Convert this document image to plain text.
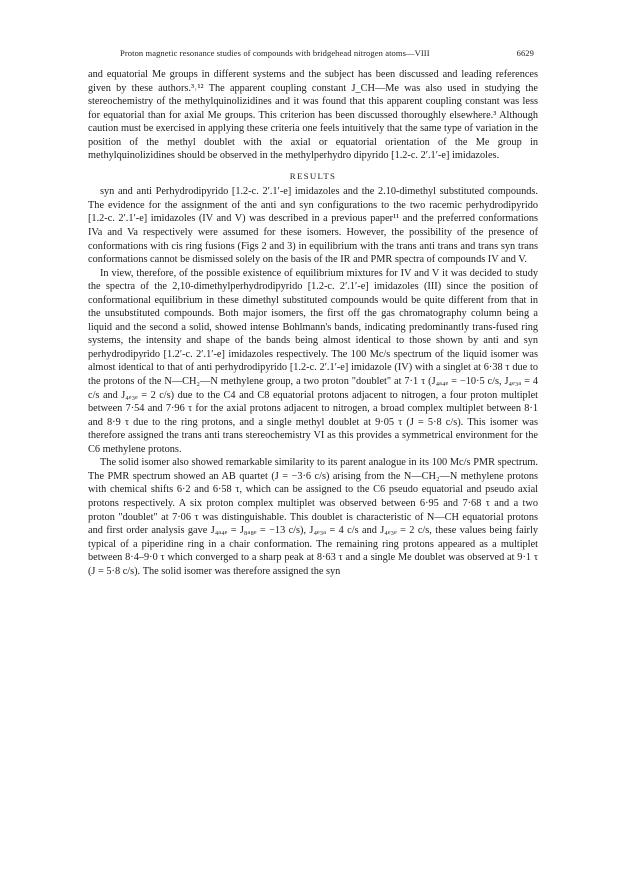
Proton magnetic resonance studies of compounds with bridgehead nitrogen atoms—VIII	6629

and equatorial Me groups in different systems and the subject has been discussed and leading references given by these authors.³˒¹² The apparent coupling constant J_CH—Me was also used in studying the stereochemistry of the methylquinolizidines and it was found that this apparent coupling constant was less for equatorial than for axial Me groups. This criterion has been discussed thoroughly elsewhere.³ Although caution must be exercised in applying these criteria one feels intuitively that the same type of variation in the position of the methyl doublet with the axial or equatorial orientation of the Me group in methylquinolizidines should be observed in the methylperhydro dipyrido [1.2-c. 2′.1′-e] imidazoles.

RESULTS

syn and anti Perhydrodipyrido [1.2-c. 2′.1′-e] imidazoles and the 2.10-dimethyl substituted compounds. The evidence for the assignment of the anti and syn configurations to the two racemic perhydrodipyrido [1.2-c. 2′.1′-e] imidazoles (IV and V) was described in a previous paper¹¹ and the preferred conformations IVa and Va respectively were assumed for these isomers. However, the possibility of the presence of conformations with cis ring fusions (Figs 2 and 3) in equilibrium with the trans anti trans and trans syn trans conformations cannot be dismissed solely on the basis of the IR and PMR spectra of compounds IV and V.

In view, therefore, of the possible existence of equilibrium mixtures for IV and V it was decided to study the spectra of the 2,10-dimethylperhydrodipyrido [1.2-c. 2′.1′-e] imidazoles (III) since the position of conformational equilibrium in these dimethyl substituted compounds would be quite different from that in the unsubstituted compounds. Both major isomers, the first off the gas chromatography column being a liquid and the second a solid, showed intense Bohlmann's bands, indicating predominantly trans-fused ring systems, the intensity and shape of the bands being almost identical to those shown by anti and syn perhydrodipyrido [1.2′-c. 2′.1′-e] imidazoles respectively. The 100 Mc/s spectrum of the liquid isomer was almost identical to that of anti perhydrodipyrido [1.2-c. 2′.1′-e] imidazole (IV) with a singlet at 6·38 τ due to the protons of the N—CH₂—N methylene group, a two proton "doublet" at 7·1 τ (J₄ₐ₄ₑ = −10·5 c/s, J₄ₑ₃ₐ = 4 c/s and J₄ₑ₃ₑ = 2 c/s) due to the C4 and C8 equatorial protons adjacent to nitrogen, a four proton multiplet between 7·54 and 7·96 τ for the axial protons adjacent to nitrogen, a broad complex multiplet between 8·1 and 8·9 τ due to the ring protons, and a single methyl doublet at 9·05 τ (J = 5·8 c/s). This isomer was therefore assigned the trans anti trans stereochemistry VI as this provides a symmetrical environment for the C6 methylene protons.

The solid isomer also showed remarkable similarity to its parent analogue in its 100 Mc/s PMR spectrum. The PMR spectrum showed an AB quartet (J = −3·6 c/s) arising from the N—CH₂—N methylene protons with chemical shifts 6·2 and 6·58 τ, which can be assigned to the C6 pseudo equatorial and pseudo axial protons respectively. A six proton complex multiplet was observed between 6·95 and 7·68 τ and a two proton "doublet" at 7·06 τ was distinguishable. This doublet is characteristic of N—CH equatorial protons and first order analysis gave J₄ₐ₄ₑ = J₈ₐ₈ₑ = −13 c/s), J₄ₑ₃ₐ = 4 c/s and J₄ₑ₃ₑ = 2 c/s, these values being fairly typical of a piperidine ring in a chair conformation. The remaining ring protons appeared as a multiplet between 8·4–9·0 τ which converged to a sharp peak at 8·63 τ and a single Me doublet was observed at 9·1 τ (J = 5·8 c/s). The solid isomer was therefore assigned the syn
